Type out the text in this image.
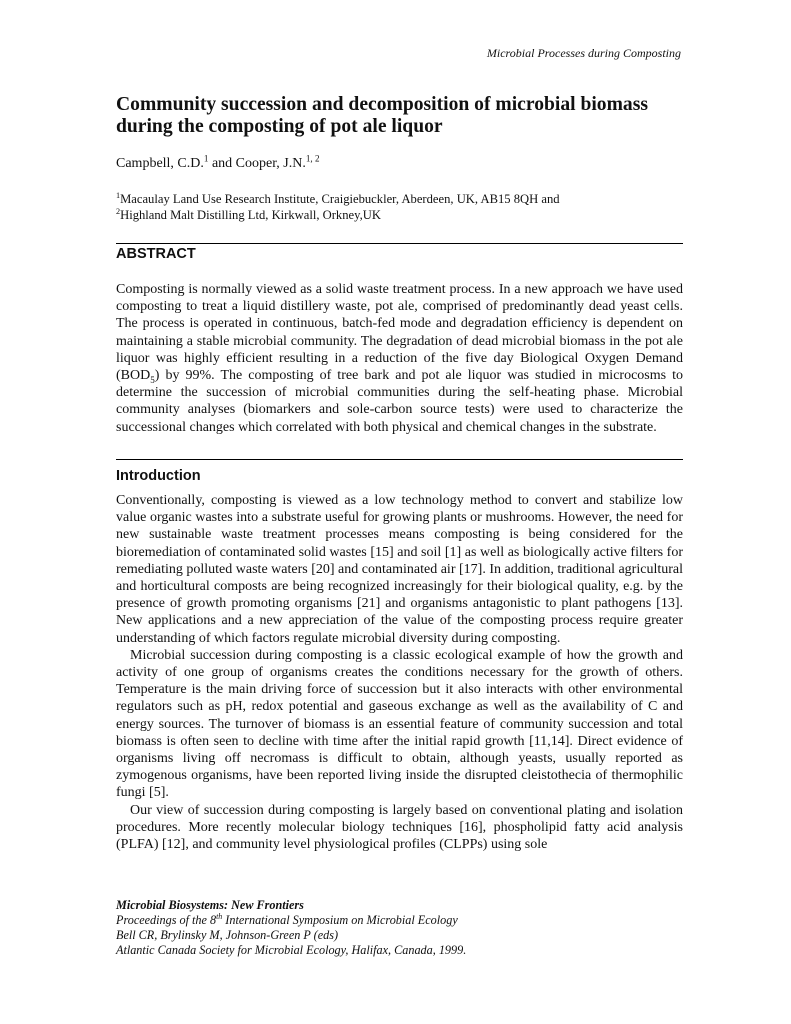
Microbial Processes during Composting
Community succession and decomposition of microbial biomass during the composting of pot ale liquor
Campbell, C.D.$^1$ and Cooper, J.N.$^{1, 2}$
$^1$Macaulay Land Use Research Institute, Craigiebuckler, Aberdeen, UK, AB15 8QH and
$^2$Highland Malt Distilling Ltd, Kirkwall, Orkney,UK
ABSTRACT

Composting is normally viewed as a solid waste treatment process. In a new approach we have used composting to treat a liquid distillery waste, pot ale, comprised of predominantly dead yeast cells. The process is operated in continuous, batch-fed mode and degradation efficiency is dependent on maintaining a stable microbial community. The degradation of dead microbial biomass in the pot ale liquor was highly efficient resulting in a reduction of the five day Biological Oxygen Demand $(BOD_5)$ by 99%. The composting of tree bark and pot ale liquor was studied in microcosms to determine the succession of microbial communities during the self-heating phase. Microbial community analyses (biomarkers and sole-carbon source tests) were used to characterize the successional changes which correlated with both physical and chemical changes in the substrate.

Introduction

Conventionally, composting is viewed as a low technology method to convert and stabilize low value organic wastes into a substrate useful for growing plants or mushrooms. However, the need for new sustainable waste treatment processes means composting is being considered for the bioremediation of contaminated solid wastes [15] and soil [1] as well as biologically active filters for remediating polluted waste waters [20] and contaminated air [17]. In addition, traditional agricultural and horticultural composts are being recognized increasingly for their biological quality, e.g. by the presence of growth promoting organisms [21] and organisms antagonistic to plant pathogens [13]. New applications and a new appreciation of the value of the composting process require greater understanding of which factors regulate microbial diversity during composting.

Microbial succession during composting is a classic ecological example of how the growth and activity of one group of organisms creates the conditions necessary for the growth of others. Temperature is the main driving force of succession but it also interacts with other environmental regulators such as pH, redox potential and gaseous exchange as well as the availability of C and energy sources. The turnover of biomass is an essential feature of community succession and total biomass is often seen to decline with time after the initial rapid growth [11,14]. Direct evidence of organisms living off necromass is difficult to obtain, although yeasts, usually reported as zymogenous organisms, have been reported living inside the disrupted cleistothecia of thermophilic fungi [5].

Our view of succession during composting is largely based on conventional plating and isolation procedures. More recently molecular biology techniques [16], phospholipid fatty acid analysis (PLFA) [12], and community level physiological profiles (CLPPs) using sole

Microbial Biosystems: New Frontiers
Proceedings of the 8th International Symposium on Microbial Ecology
Bell CR, Brylinsky M, Johnson-Green P (eds)
Atlantic Canada Society for Microbial Ecology, Halifax, Canada, 1999.
